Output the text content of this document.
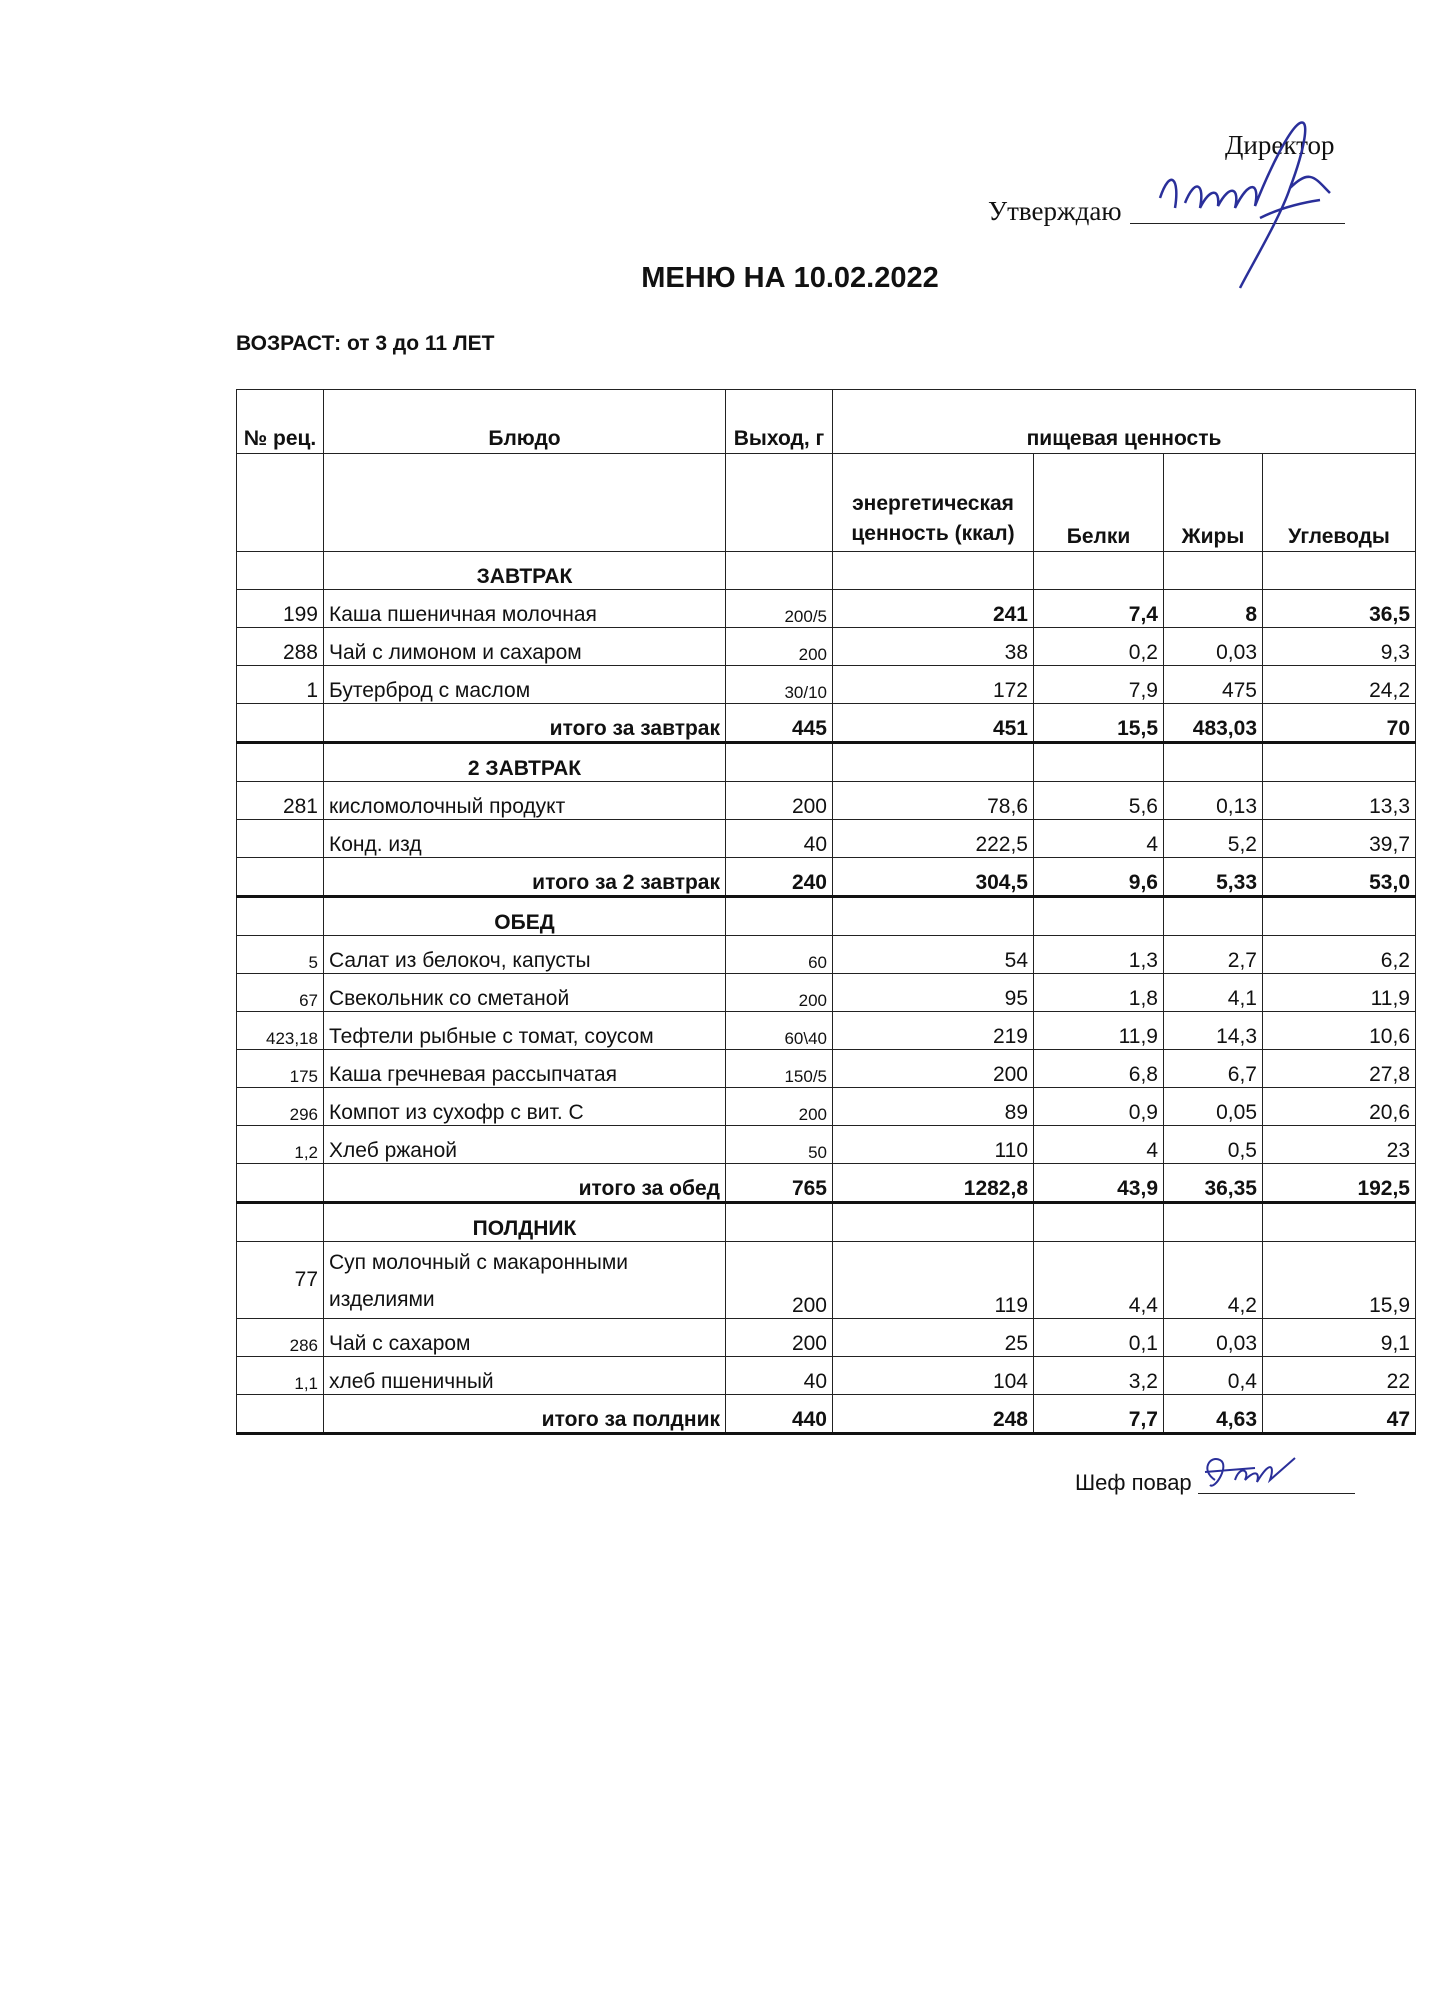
Директор
Утверждаю
МЕНЮ НА 10.02.2022
ВОЗРАСТ: от 3 до 11 ЛЕТ
№ рец.	Блюдо	Выход, г	пищевая ценность			
			энергетическая ценность (ккал)	Белки	Жиры	Углеводы
	ЗАВТРАК					
199	Каша пшеничная молочная	200/5	241	7,4	8	36,5
288	Чай с лимоном и сахаром	200	38	0,2	0,03	9,3
1	Бутерброд с маслом	30/10	172	7,9	475	24,2
	итого за завтрак	445	451	15,5	483,03	70
	2 ЗАВТРАК					
281	кисломолочный продукт	200	78,6	5,6	0,13	13,3
	Конд. изд	40	222,5	4	5,2	39,7
	итого за 2 завтрак	240	304,5	9,6	5,33	53,0
	ОБЕД					
5	Салат из белокоч, капусты	60	54	1,3	2,7	6,2
67	Свекольник со сметаной	200	95	1,8	4,1	11,9
423,18	Тефтели рыбные с томат, соусом	60\40	219	11,9	14,3	10,6
175	Каша гречневая рассыпчатая	150/5	200	6,8	6,7	27,8
296	Компот из сухофр с вит. С	200	89	0,9	0,05	20,6
1,2	Хлеб ржаной	50	110	4	0,5	23
	итого за обед	765	1282,8	43,9	36,35	192,5
	ПОЛДНИК					
77	Суп молочный с макаронными изделиями	200	119	4,4	4,2	15,9
286	Чай с сахаром	200	25	0,1	0,03	9,1
1,1	хлеб пшеничный	40	104	3,2	0,4	22
	итого за полдник	440	248	7,7	4,63	47
Шеф повар
